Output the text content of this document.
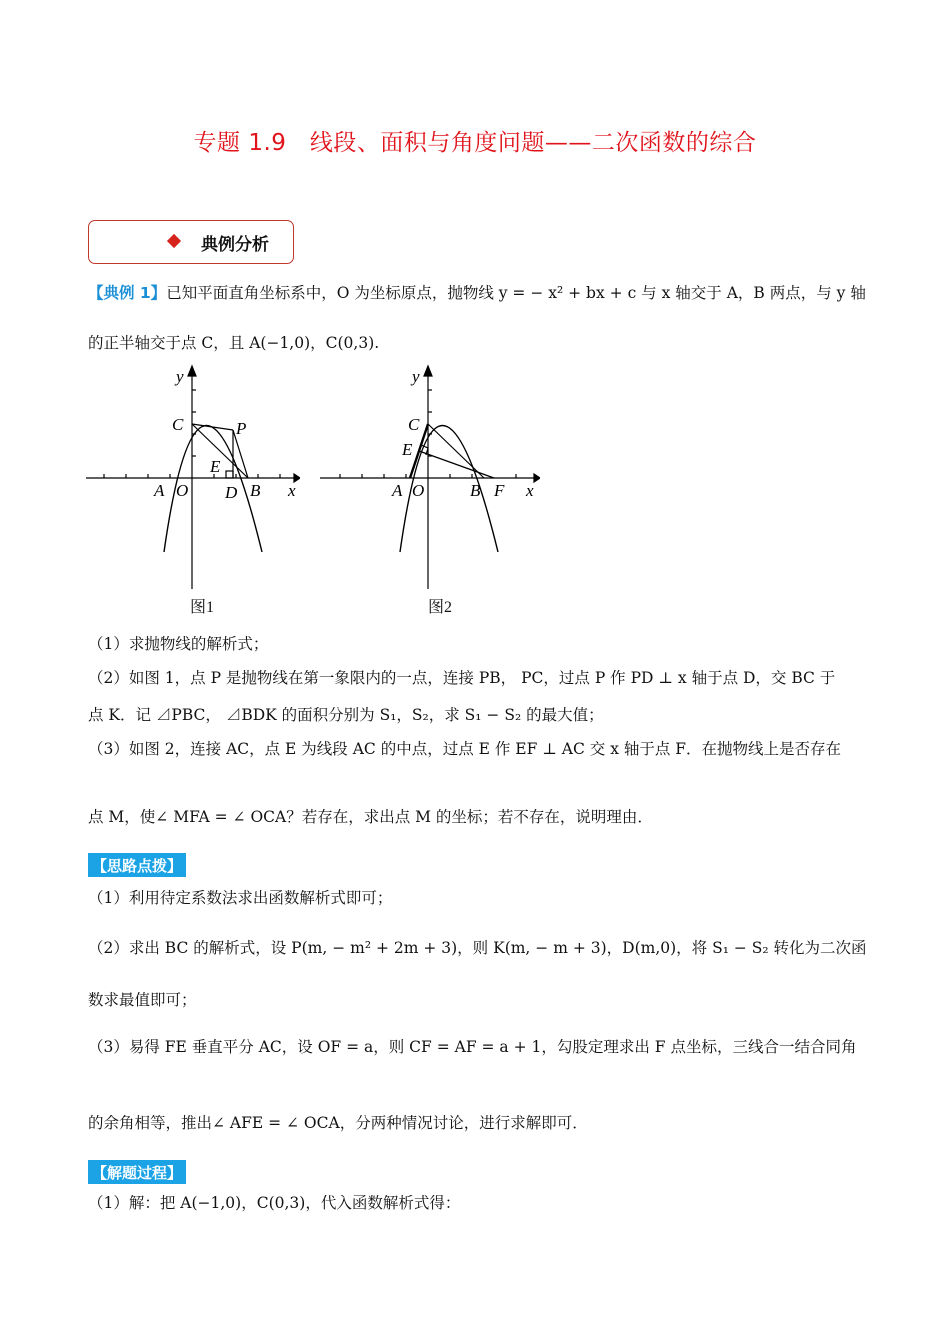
专题 1.9　线段、面积与角度问题——二次函数的综合
典例分析
【典例 1】已知平面直角坐标系中，O 为坐标原点，抛物线 y = − x² + bx + c 与 x 轴交于 A，B 两点，与 y 轴
的正半轴交于点 C，且 A(−1,0)，C(0,3).
y
C	P
E
A O D B x
图1
y
C
E
A O	B F x
图2
（1）求抛物线的解析式；
（2）如图 1，点 P 是抛物线在第一象限内的一点，连接 PB， PC，过点 P 作 PD ⊥ x 轴于点 D，交 BC 于
点 K．记 ⊿PBC， ⊿BDK 的面积分别为 S₁，S₂，求 S₁ − S₂ 的最大值；
（3）如图 2，连接 AC，点 E 为线段 AC 的中点，过点 E 作 EF ⊥ AC 交 x 轴于点 F．在抛物线上是否存在
点 M，使∠ MFA = ∠ OCA？若存在，求出点 M 的坐标；若不存在，说明理由．
【思路点拨】
（1）利用待定系数法求出函数解析式即可；
（2）求出 BC 的解析式，设 P(m, − m² + 2m + 3)，则 K(m, − m + 3)，D(m,0)，将 S₁ − S₂ 转化为二次函
数求最值即可；
（3）易得 FE 垂直平分 AC，设 OF = a，则 CF = AF = a + 1，勾股定理求出 F 点坐标，三线合一结合同角
的余角相等，推出∠ AFE = ∠ OCA，分两种情况讨论，进行求解即可．
【解题过程】
（1）解：把 A(−1,0)，C(0,3)，代入函数解析式得：
